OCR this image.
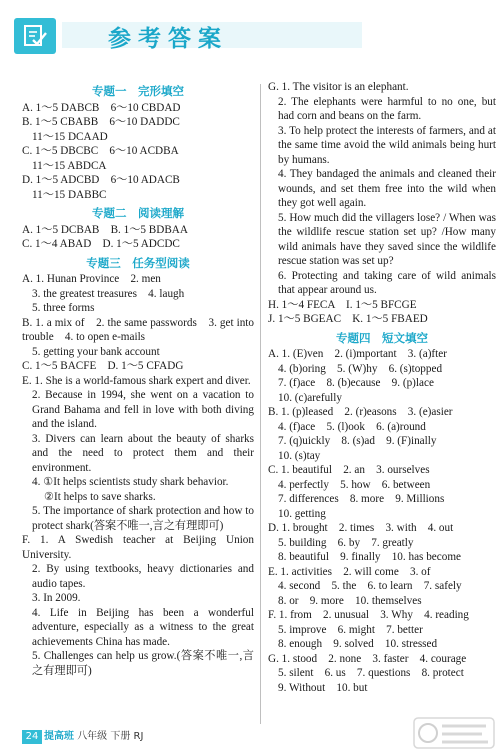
参考答案
专题一　完形填空
A. 1～5 DABCB　6～10 CBDAD
B. 1～5 CBABB　6～10 DADDC
11～15 DCAAD
C. 1～5 DBCBC　6～10 ACDBA
11～15 ABDCA
D. 1～5 ADCBD　6～10 ADACB
11～15 DABBC
专题二　阅读理解
A. 1～5 DCBAB　B. 1～5 BDBAA
C. 1～4 ABAD　D. 1～5 ADCDC
专题三　任务型阅读
A. 1. Hunan Province　2. men
3. the greatest treasures　4. laugh
5. three forms
B. 1. a mix of　2. the same passwords　3. get into trouble　4. to open e-mails
5. getting your bank account
C. 1～5 BACFE　D. 1～5 CFADG
E. 1. She is a world-famous shark expert and diver.
2. Because in 1994, she went on a vacation to Grand Bahama and fell in love with both diving and the island.
3. Divers can learn about the beauty of sharks and the need to protect them and their environment.
4. ①It helps scientists study shark behavior.
②It helps to save sharks.
5. The importance of shark protection and how to protect shark(答案不唯一,言之有理即可)
F. 1. A Swedish teacher at Beijing Union University.
2. By using textbooks, heavy dictionaries and audio tapes.
3. In 2009.
4. Life in Beijing has been a wonderful adventure, especially as a witness to the great achievements China has made.
5. Challenges can help us grow.(答案不唯一,言之有理即可)
G. 1. The visitor is an elephant.
2. The elephants were harmful to no one, but had corn and beans on the farm.
3. To help protect the interests of farmers, and at the same time avoid the wild animals being hurt by humans.
4. They bandaged the animals and cleaned their wounds, and set them free into the wild when they got well again.
5. How much did the villagers lose? / When was the wildlife rescue station set up? /How many wild animals have they saved since the wildlife rescue station was set up?
6. Protecting and taking care of wild animals that appear around us.
H. 1～4 FECA　I. 1～5 BFCGE
J. 1～5 BGEAC　K. 1～5 FBAED
专题四　短文填空
A. 1. (E)ven　2. (i)mportant　3. (a)fter
4. (b)oring　5. (W)hy　6. (s)topped
7. (f)ace　8. (b)ecause　9. (p)lace
10. (c)arefully
B. 1. (p)leased　2. (r)easons　3. (e)asier
4. (f)ace　5. (l)ook　6. (a)round
7. (q)uickly　8. (s)ad　9. (F)inally
10. (s)tay
C. 1. beautiful　2. an　3. ourselves
4. perfectly　5. how　6. between
7. differences　8. more　9. Millions
10. getting
D. 1. brought　2. times　3. with　4. out
5. building　6. by　7. greatly
8. beautiful　9. finally　10. has become
E. 1. activities　2. will come　3. of
4. second　5. the　6. to learn　7. safely
8. or　9. more　10. themselves
F. 1. from　2. unusual　3. Why　4. reading
5. improve　6. might　7. better
8. enough　9. solved　10. stressed
G. 1. stood　2. none　3. faster　4. courage
5. silent　6. us　7. questions　8. protect
9. Without　10. but
24 提高班 八年级 下册 RJ
